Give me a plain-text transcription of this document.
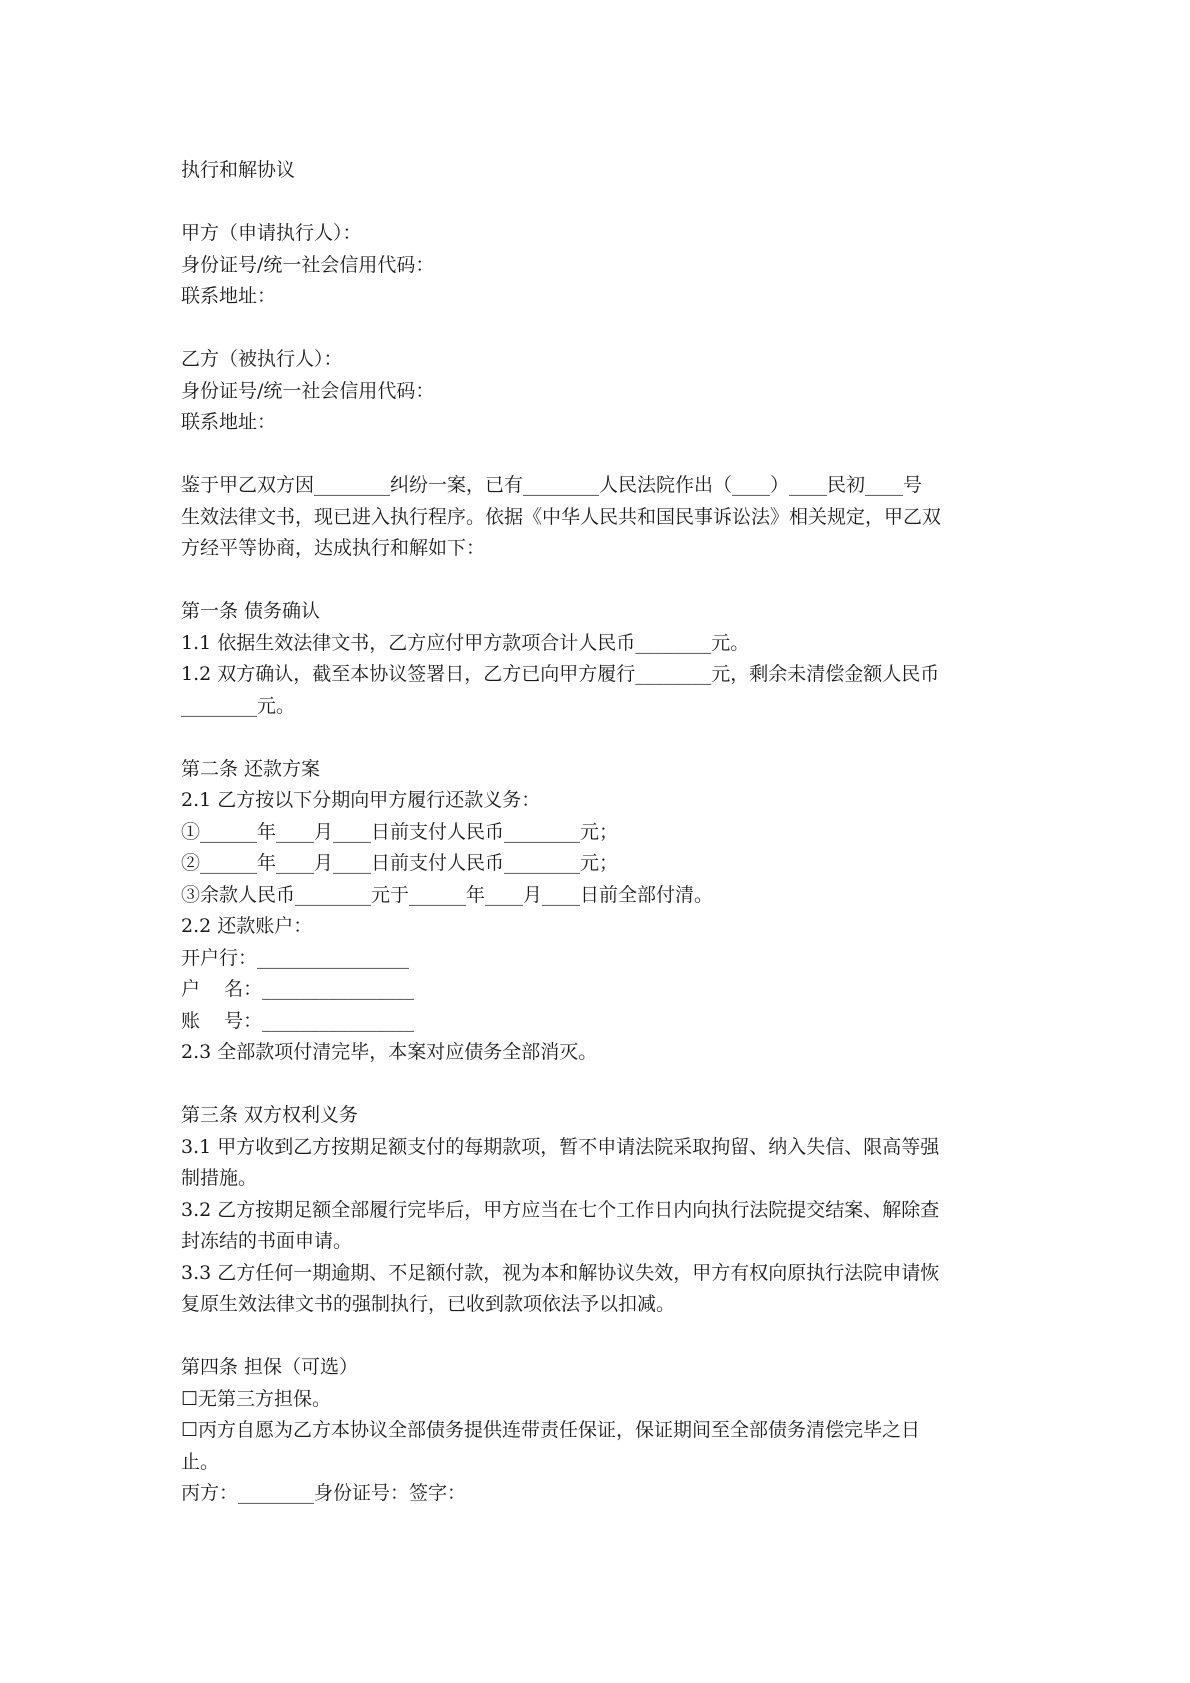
执行和解协议

甲方（申请执行人）：

身份证号/统一社会信用代码：

联系地址：

乙方（被执行人）：

身份证号/统一社会信用代码：

联系地址：

鉴于甲乙双方因________纠纷一案，已有________人民法院作出（____）____民初____号

生效法律文书，现已进入执行程序。依据《中华人民共和国民事诉讼法》相关规定，甲乙双

方经平等协商，达成执行和解如下：

第一条 债务确认

1.1 依据生效法律文书，乙方应付甲方款项合计人民币________元。

1.2 双方确认，截至本协议签署日，乙方已向甲方履行________元，剩余未清偿金额人民币

________元。

第二条 还款方案

2.1 乙方按以下分期向甲方履行还款义务：

①______年____月____日前支付人民币________元；

②______年____月____日前支付人民币________元；

③余款人民币________元于______年____月____日前全部付清。

2.2 还款账户：

开户行：________________

户    名：________________

账    号：________________

2.3 全部款项付清完毕，本案对应债务全部消灭。

第三条 双方权利义务

3.1 甲方收到乙方按期足额支付的每期款项，暂不申请法院采取拘留、纳入失信、限高等强

制措施。

3.2 乙方按期足额全部履行完毕后，甲方应当在七个工作日内向执行法院提交结案、解除查

封冻结的书面申请。

3.3 乙方任何一期逾期、不足额付款，视为本和解协议失效，甲方有权向原执行法院申请恢

复原生效法律文书的强制执行，已收到款项依法予以扣减。

第四条 担保（可选）

☐无第三方担保。

☐丙方自愿为乙方本协议全部债务提供连带责任保证，保证期间至全部债务清偿完毕之日

止。

丙方：________身份证号：签字：
